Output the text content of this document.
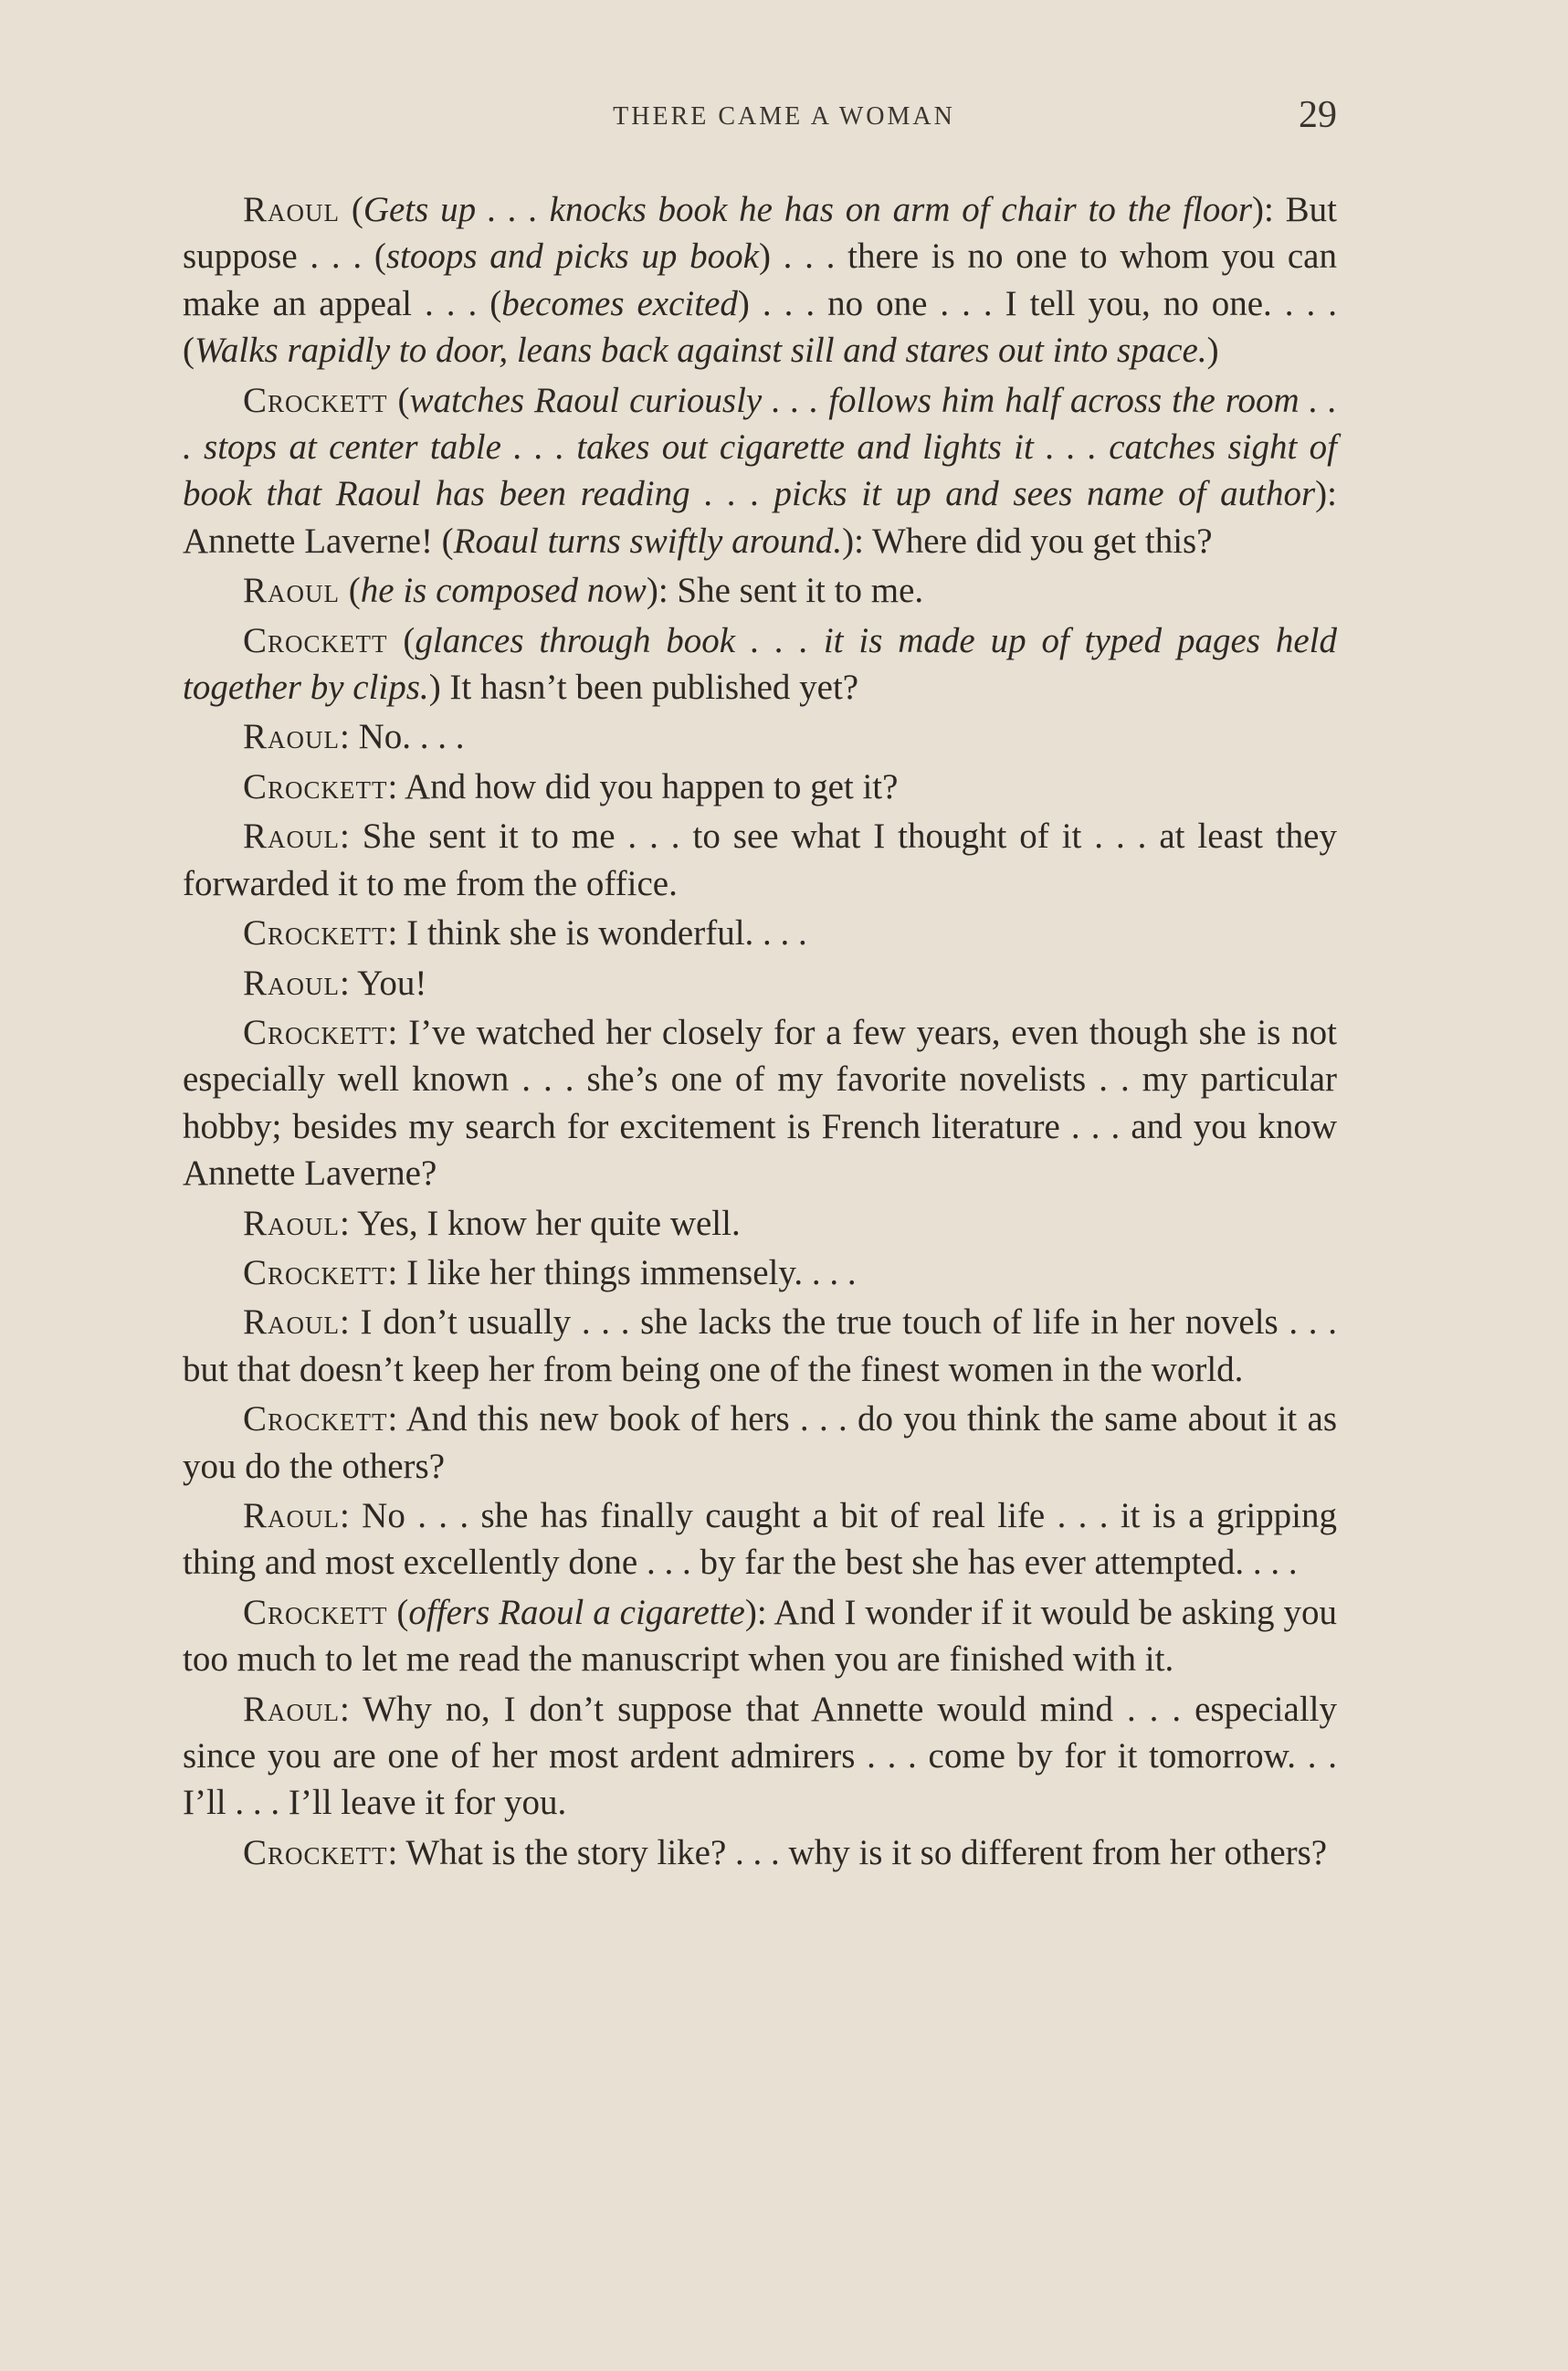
THERE CAME A WOMAN	29

Raoul (Gets up . . . knocks book he has on arm of chair to the floor): But suppose . . . (stoops and picks up book) . . . there is no one to whom you can make an appeal . . . (becomes excited) . . . no one . . . I tell you, no one. . . . (Walks rapidly to door, leans back against sill and stares out into space.)

Crockett (watches Raoul curiously . . . follows him half across the room . . . stops at center table . . . takes out cigarette and lights it . . . catches sight of book that Raoul has been reading . . . picks it up and sees name of author): Annette Laverne! (Roaul turns swiftly around.): Where did you get this?

Raoul (he is composed now): She sent it to me.

Crockett (glances through book . . . it is made up of typed pages held together by clips.) It hasn’t been published yet?

Raoul: No. . . .

Crockett: And how did you happen to get it?

Raoul: She sent it to me . . . to see what I thought of it . . . at least they forwarded it to me from the office.

Crockett: I think she is wonderful. . . .

Raoul: You!

Crockett: I’ve watched her closely for a few years, even though she is not especially well known . . . she’s one of my favorite novelists . . my particular hobby; besides my search for excitement is French literature . . . and you know Annette Laverne?

Raoul: Yes, I know her quite well.

Crockett: I like her things immensely. . . .

Raoul: I don’t usually . . . she lacks the true touch of life in her novels . . . but that doesn’t keep her from being one of the finest women in the world.

Crockett: And this new book of hers . . . do you think the same about it as you do the others?

Raoul: No . . . she has finally caught a bit of real life . . . it is a gripping thing and most excellently done . . . by far the best she has ever attempted. . . .

Crockett (offers Raoul a cigarette): And I wonder if it would be asking you too much to let me read the manuscript when you are finished with it.

Raoul: Why no, I don’t suppose that Annette would mind . . . especially since you are one of her most ardent admirers . . . come by for it tomorrow. . . I’ll . . . I’ll leave it for you.

Crockett: What is the story like? . . . why is it so different from her others?
